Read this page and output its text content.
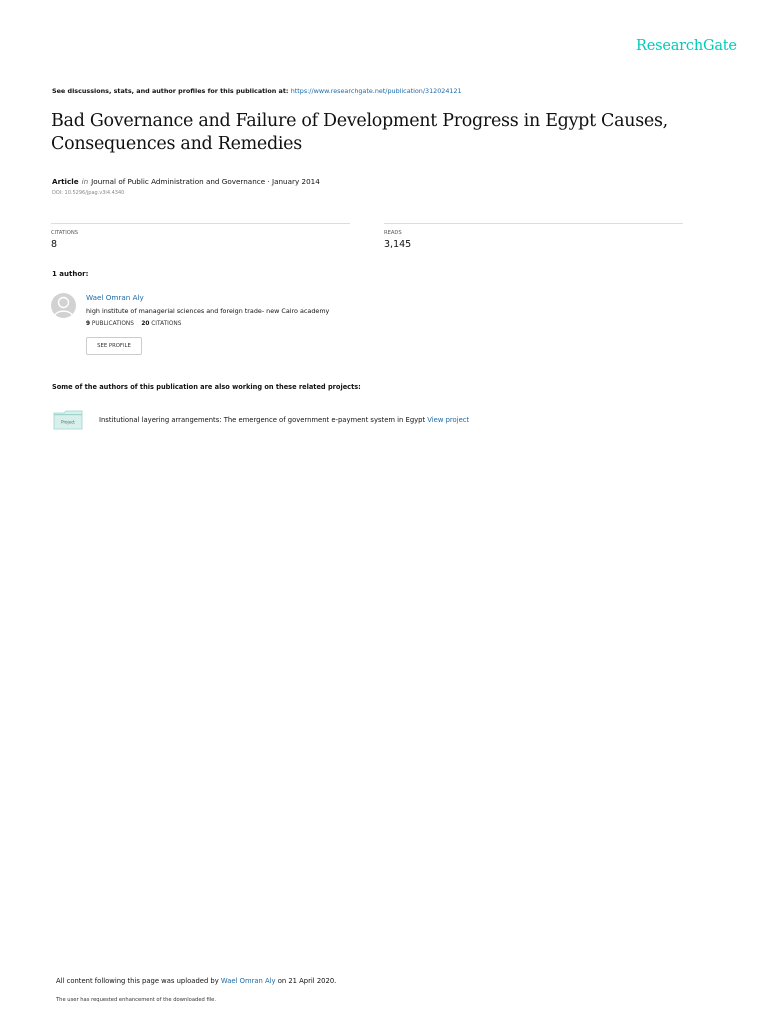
ResearchGate
See discussions, stats, and author profiles for this publication at: https://www.researchgate.net/publication/312024121
Bad Governance and Failure of Development Progress in Egypt Causes, Consequences and Remedies
Article in Journal of Public Administration and Governance · January 2014
DOI: 10.5296/jpag.v3i4.4340
CITATIONS
8
READS
3,145
1 author:
Wael Omran Aly
high institute of managerial sciences and foreign trade- new Cairo academy
9 PUBLICATIONS 20 CITATIONS
SEE PROFILE
Some of the authors of this publication are also working on these related projects:
Project	Institutional layering arrangements: The emergence of government e-payment system in Egypt View project
All content following this page was uploaded by Wael Omran Aly on 21 April 2020.
The user has requested enhancement of the downloaded file.
